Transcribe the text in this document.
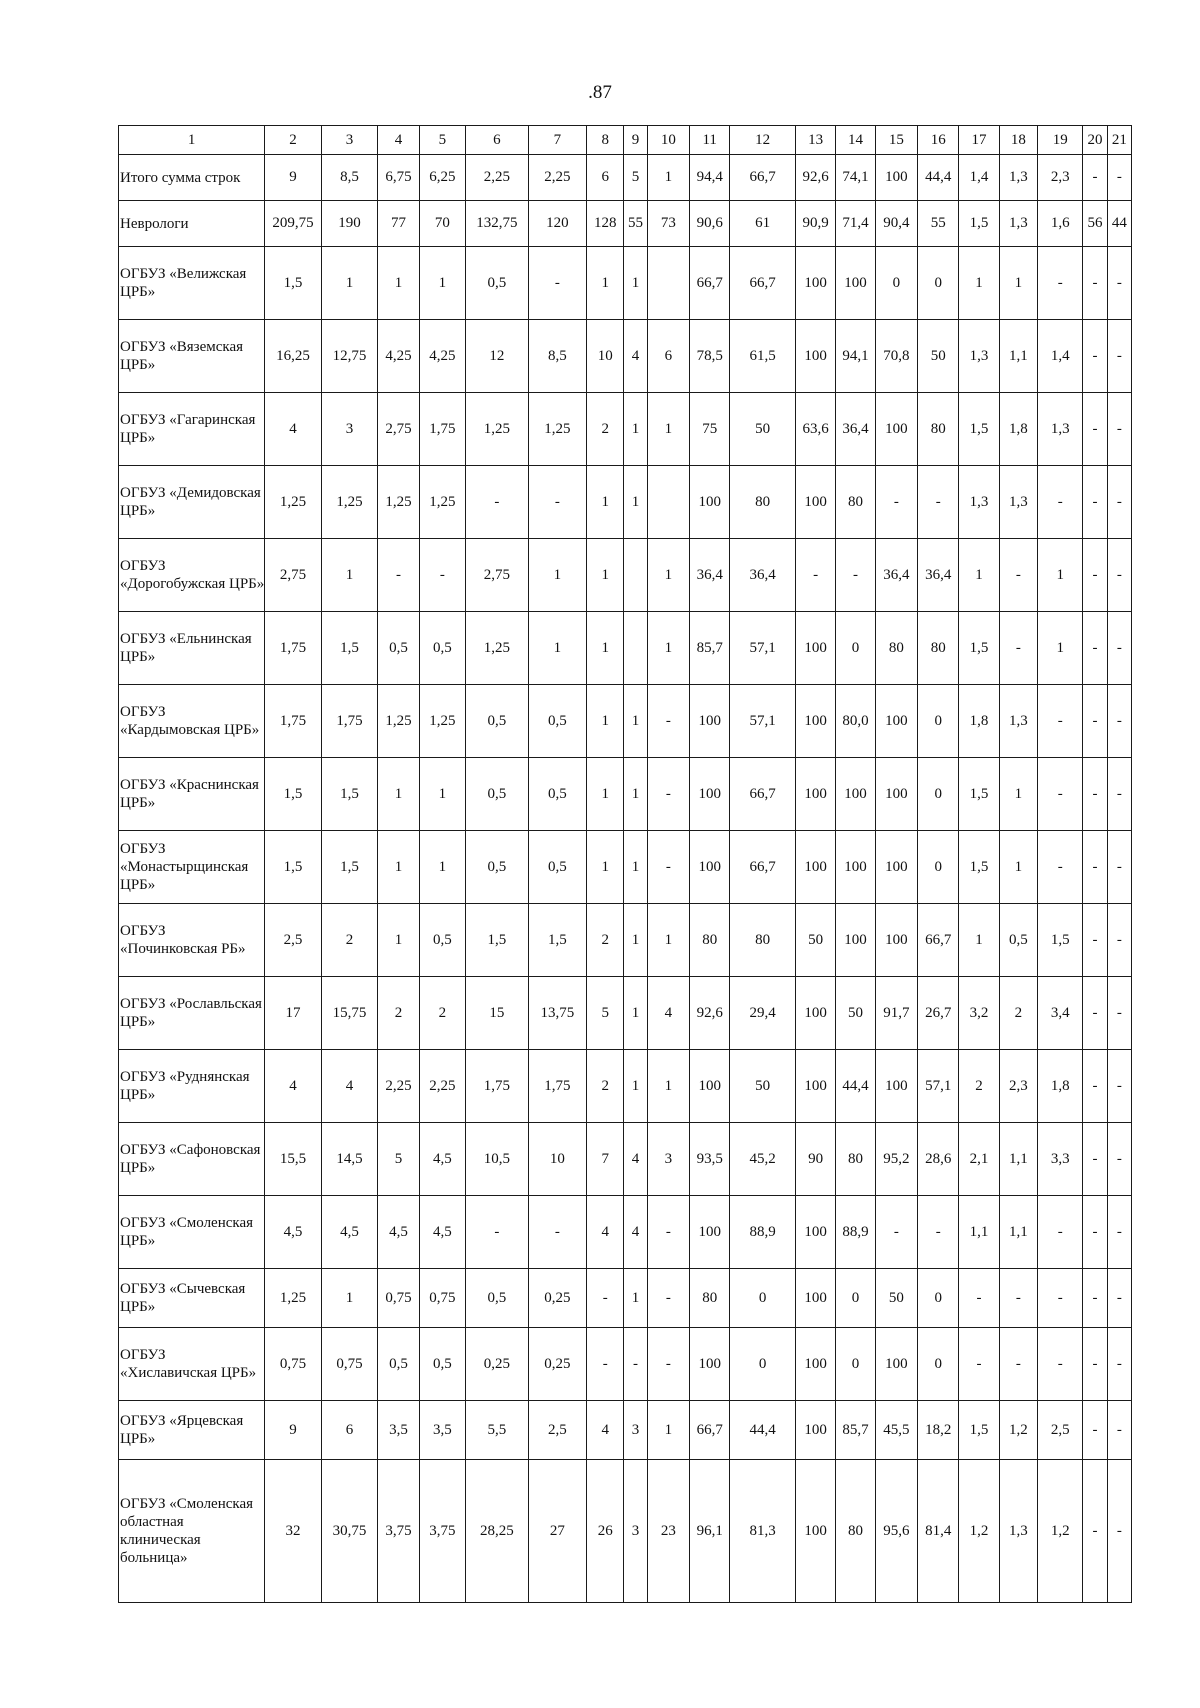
.87
1	2	3	4	5	6	7	8	9	10	11	12	13	14	15	16	17	18	19	20	21
Итого сумма строк	9	8,5	6,75	6,25	2,25	2,25	6	5	1	94,4	66,7	92,6	74,1	100	44,4	1,4	1,3	2,3	-	-
Неврологи	209,75	190	77	70	132,75	120	128	55	73	90,6	61	90,9	71,4	90,4	55	1,5	1,3	1,6	56	44
ОГБУЗ «Велижская ЦРБ»	1,5	1	1	1	0,5	-	1	1		66,7	66,7	100	100	0	0	1	1	-	-	-
ОГБУЗ «Вяземская ЦРБ»	16,25	12,75	4,25	4,25	12	8,5	10	4	6	78,5	61,5	100	94,1	70,8	50	1,3	1,1	1,4	-	-
ОГБУЗ «Гагаринская ЦРБ»	4	3	2,75	1,75	1,25	1,25	2	1	1	75	50	63,6	36,4	100	80	1,5	1,8	1,3	-	-
ОГБУЗ «Демидовская ЦРБ»	1,25	1,25	1,25	1,25	-	-	1	1		100	80	100	80	-	-	1,3	1,3	-	-	-
ОГБУЗ «Дорогобужская ЦРБ»	2,75	1	-	-	2,75	1	1		1	36,4	36,4	-	-	36,4	36,4	1	-	1	-	-
ОГБУЗ «Ельнинская ЦРБ»	1,75	1,5	0,5	0,5	1,25	1	1		1	85,7	57,1	100	0	80	80	1,5	-	1	-	-
ОГБУЗ «Кардымовская ЦРБ»	1,75	1,75	1,25	1,25	0,5	0,5	1	1	-	100	57,1	100	80,0	100	0	1,8	1,3	-	-	-
ОГБУЗ «Краснинская ЦРБ»	1,5	1,5	1	1	0,5	0,5	1	1	-	100	66,7	100	100	100	0	1,5	1	-	-	-
ОГБУЗ «Монастырщинская ЦРБ»	1,5	1,5	1	1	0,5	0,5	1	1	-	100	66,7	100	100	100	0	1,5	1	-	-	-
ОГБУЗ «Починковская РБ»	2,5	2	1	0,5	1,5	1,5	2	1	1	80	80	50	100	100	66,7	1	0,5	1,5	-	-
ОГБУЗ «Рославльская ЦРБ»	17	15,75	2	2	15	13,75	5	1	4	92,6	29,4	100	50	91,7	26,7	3,2	2	3,4	-	-
ОГБУЗ «Руднянская ЦРБ»	4	4	2,25	2,25	1,75	1,75	2	1	1	100	50	100	44,4	100	57,1	2	2,3	1,8	-	-
ОГБУЗ «Сафоновская ЦРБ»	15,5	14,5	5	4,5	10,5	10	7	4	3	93,5	45,2	90	80	95,2	28,6	2,1	1,1	3,3	-	-
ОГБУЗ «Смоленская ЦРБ»	4,5	4,5	4,5	4,5	-	-	4	4	-	100	88,9	100	88,9	-	-	1,1	1,1	-	-	-
ОГБУЗ «Сычевская ЦРБ»	1,25	1	0,75	0,75	0,5	0,25	-	1	-	80	0	100	0	50	0	-	-	-	-	-
ОГБУЗ «Хиславичская ЦРБ»	0,75	0,75	0,5	0,5	0,25	0,25	-	-	-	100	0	100	0	100	0	-	-	-	-	-
ОГБУЗ «Ярцевская ЦРБ»	9	6	3,5	3,5	5,5	2,5	4	3	1	66,7	44,4	100	85,7	45,5	18,2	1,5	1,2	2,5	-	-
ОГБУЗ «Смоленская областная клиническая больница»	32	30,75	3,75	3,75	28,25	27	26	3	23	96,1	81,3	100	80	95,6	81,4	1,2	1,3	1,2	-	-
